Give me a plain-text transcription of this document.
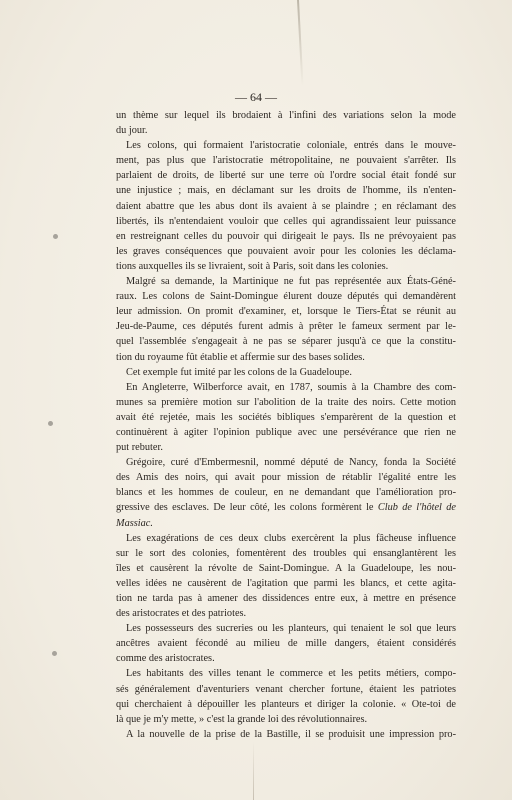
— 64 —

un thème sur lequel ils brodaient à l'infini des variations selon la mode
du jour.

Les colons, qui formaient l'aristocratie coloniale, entrés dans le mouve-
ment, pas plus que l'aristocratie métropolitaine, ne pouvaient s'arrêter. Ils
parlaient de droits, de liberté sur une terre où l'ordre social était fondé sur
une injustice ; mais, en déclamant sur les droits de l'homme, ils n'enten-
daient abattre que les abus dont ils avaient à se plaindre ; en réclamant des
libertés, ils n'entendaient vouloir que celles qui agrandissaient leur puissance
en restreignant celles du pouvoir qui dirigeait le pays. Ils ne prévoyaient pas
les graves conséquences que pouvaient avoir pour les colonies les déclama-
tions auxquelles ils se livraient, soit à Paris, soit dans les colonies.

Malgré sa demande, la Martinique ne fut pas représentée aux États-Géné-
raux. Les colons de Saint-Domingue élurent douze députés qui demandèrent
leur admission. On promit d'examiner, et, lorsque le Tiers-État se réunit au
Jeu-de-Paume, ces députés furent admis à prêter le fameux serment par le-
quel l'assemblée s'engageait à ne pas se séparer jusqu'à ce que la constitu-
tion du royaume fût établie et affermie sur des bases solides.

Cet exemple fut imité par les colons de la Guadeloupe.

En Angleterre, Wilberforce avait, en 1787, soumis à la Chambre des com-
munes sa première motion sur l'abolition de la traite des noirs. Cette motion
avait été rejetée, mais les sociétés bibliques s'emparèrent de la question et
continuèrent à agiter l'opinion publique avec une persévérance que rien ne
put rebuter.

Grégoire, curé d'Embermesnil, nommé député de Nancy, fonda la Société
des Amis des noirs, qui avait pour mission de rétablir l'égalité entre les
blancs et les hommes de couleur, en ne demandant que l'amélioration pro-
gressive des esclaves. De leur côté, les colons formèrent le Club de l'hôtel de
Massiac.

Les exagérations de ces deux clubs exercèrent la plus fâcheuse influence
sur le sort des colonies, fomentèrent des troubles qui ensanglantèrent les
îles et causèrent la révolte de Saint-Domingue. A la Guadeloupe, les nou-
velles idées ne causèrent de l'agitation que parmi les blancs, et cette agita-
tion ne tarda pas à amener des dissidences entre eux, à mettre en présence
des aristocrates et des patriotes.

Les possesseurs des sucreries ou les planteurs, qui tenaient le sol que leurs
ancêtres avaient fécondé au milieu de mille dangers, étaient considérés
comme des aristocrates.

Les habitants des villes tenant le commerce et les petits métiers, compo-
sés généralement d'aventuriers venant chercher fortune, étaient les patriotes
qui cherchaient à dépouiller les planteurs et diriger la colonie. « Ote-toi de
là que je m'y mette, » c'est la grande loi des révolutionnaires.

A la nouvelle de la prise de la Bastille, il se produisit une impression pro-
